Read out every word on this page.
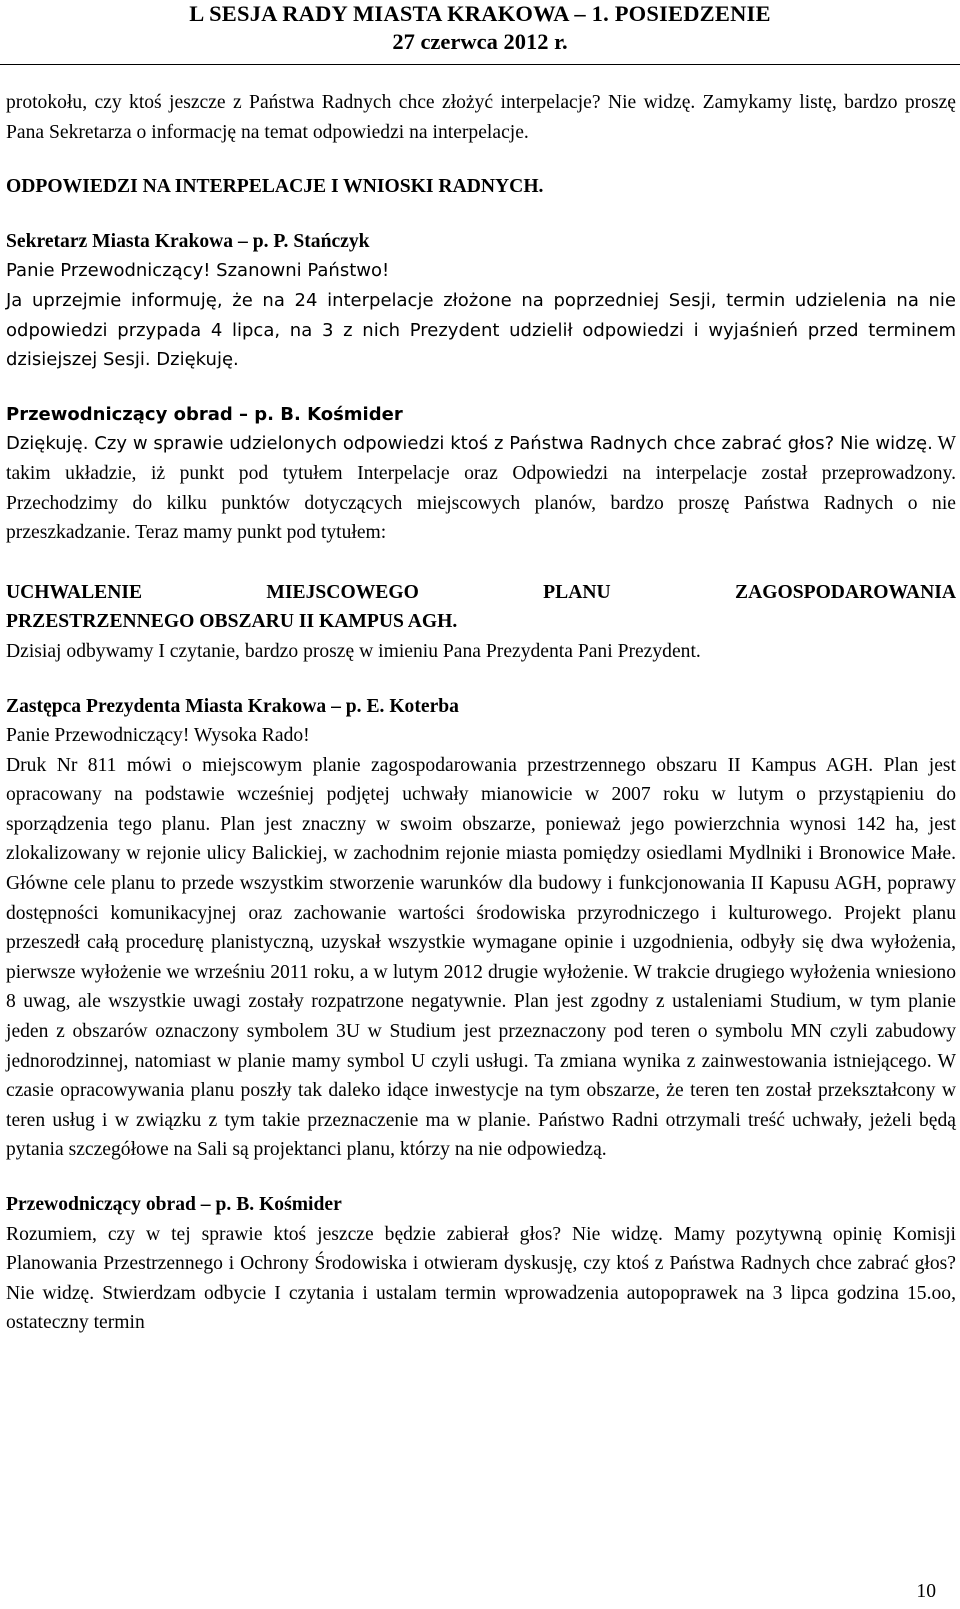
L SESJA RADY MIASTA KRAKOWA – 1. POSIEDZENIE
27 czerwca 2012 r.

protokołu, czy ktoś jeszcze z Państwa Radnych chce złożyć interpelacje? Nie widzę. Zamykamy listę, bardzo proszę Pana Sekretarza o informację na temat odpowiedzi na interpelacje.

ODPOWIEDZI NA INTERPELACJE I WNIOSKI RADNYCH.

Sekretarz Miasta Krakowa – p. P. Stańczyk

Panie Przewodniczący! Szanowni Państwo!

Ja uprzejmie informuję, że na 24 interpelacje złożone na poprzedniej Sesji, termin udzielenia na nie odpowiedzi przypada 4 lipca, na 3 z nich Prezydent udzielił odpowiedzi i wyjaśnień przed terminem dzisiejszej Sesji. Dziękuję.

Przewodniczący obrad – p. B. Kośmider

Dziękuję. Czy w sprawie udzielonych odpowiedzi ktoś z Państwa Radnych chce zabrać głos? Nie widzę. W takim układzie, iż punkt pod tytułem Interpelacje oraz Odpowiedzi na interpelacje został przeprowadzony. Przechodzimy do kilku punktów dotyczących miejscowych planów, bardzo proszę Państwa Radnych o nie przeszkadzanie. Teraz mamy punkt pod tytułem:

UCHWALENIE MIEJSCOWEGO PLANU ZAGOSPODAROWANIA

PRZESTRZENNEGO OBSZARU II KAMPUS AGH.

Dzisiaj odbywamy I czytanie, bardzo proszę w imieniu Pana Prezydenta Pani Prezydent.

Zastępca Prezydenta Miasta Krakowa – p. E. Koterba

Panie Przewodniczący! Wysoka Rado!

Druk Nr 811 mówi o miejscowym planie zagospodarowania przestrzennego obszaru II Kampus AGH. Plan jest opracowany na podstawie wcześniej podjętej uchwały mianowicie w 2007 roku w lutym o przystąpieniu do sporządzenia tego planu. Plan jest znaczny w swoim obszarze, ponieważ jego powierzchnia wynosi 142 ha, jest zlokalizowany w rejonie ulicy Balickiej, w zachodnim rejonie miasta pomiędzy osiedlami Mydlniki i Bronowice Małe. Główne cele planu to przede wszystkim stworzenie warunków dla budowy i funkcjonowania II Kapusu AGH, poprawy dostępności komunikacyjnej oraz zachowanie wartości środowiska przyrodniczego i kulturowego. Projekt planu przeszedł całą procedurę planistyczną, uzyskał wszystkie wymagane opinie i uzgodnienia, odbyły się dwa wyłożenia, pierwsze wyłożenie we wrześniu 2011 roku, a w lutym 2012 drugie wyłożenie. W trakcie drugiego wyłożenia wniesiono 8 uwag, ale wszystkie uwagi zostały rozpatrzone negatywnie. Plan jest zgodny z ustaleniami Studium, w tym planie jeden z obszarów oznaczony symbolem 3U w Studium jest przeznaczony pod teren o symbolu MN czyli zabudowy jednorodzinnej, natomiast w planie mamy symbol U czyli usługi. Ta zmiana wynika z zainwestowania istniejącego. W czasie opracowywania planu poszły tak daleko idące inwestycje na tym obszarze, że teren ten został przekształcony w teren usług i w związku z tym takie przeznaczenie ma w planie. Państwo Radni otrzymali treść uchwały, jeżeli będą pytania szczegółowe na Sali są projektanci planu, którzy na nie odpowiedzą.

Przewodniczący obrad – p. B. Kośmider

Rozumiem, czy w tej sprawie ktoś jeszcze będzie zabierał głos? Nie widzę. Mamy pozytywną opinię Komisji Planowania Przestrzennego i Ochrony Środowiska i otwieram dyskusję, czy ktoś z Państwa Radnych chce zabrać głos? Nie widzę. Stwierdzam odbycie I czytania i ustalam termin wprowadzenia autopoprawek na 3 lipca godzina 15.oo, ostateczny termin

10
